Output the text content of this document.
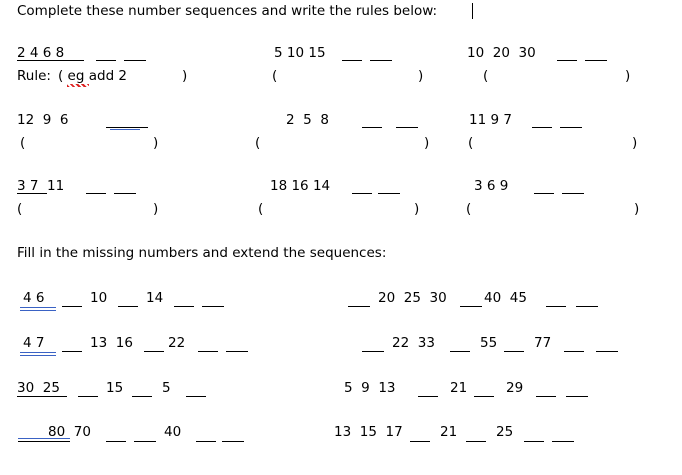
Complete these number sequences and write the rules below:
2 4 6 8	5 10 15	10  20  30
Rule: ( eg add 2	)	(	)	(	)
12  9  6	2  5  8	11 9 7
(	)	(	)	(	)
3 7  11	18 16 14	3 6 9
(	)	(	)	(	)
Fill in the missing numbers and extend the sequences:
4 6	10	14	20  25  30	40  45
4 7	13  16	22	22  33	55	77
30  25	15	5	5  9  13	21	29
80  70	40	13  15  17	21	25
